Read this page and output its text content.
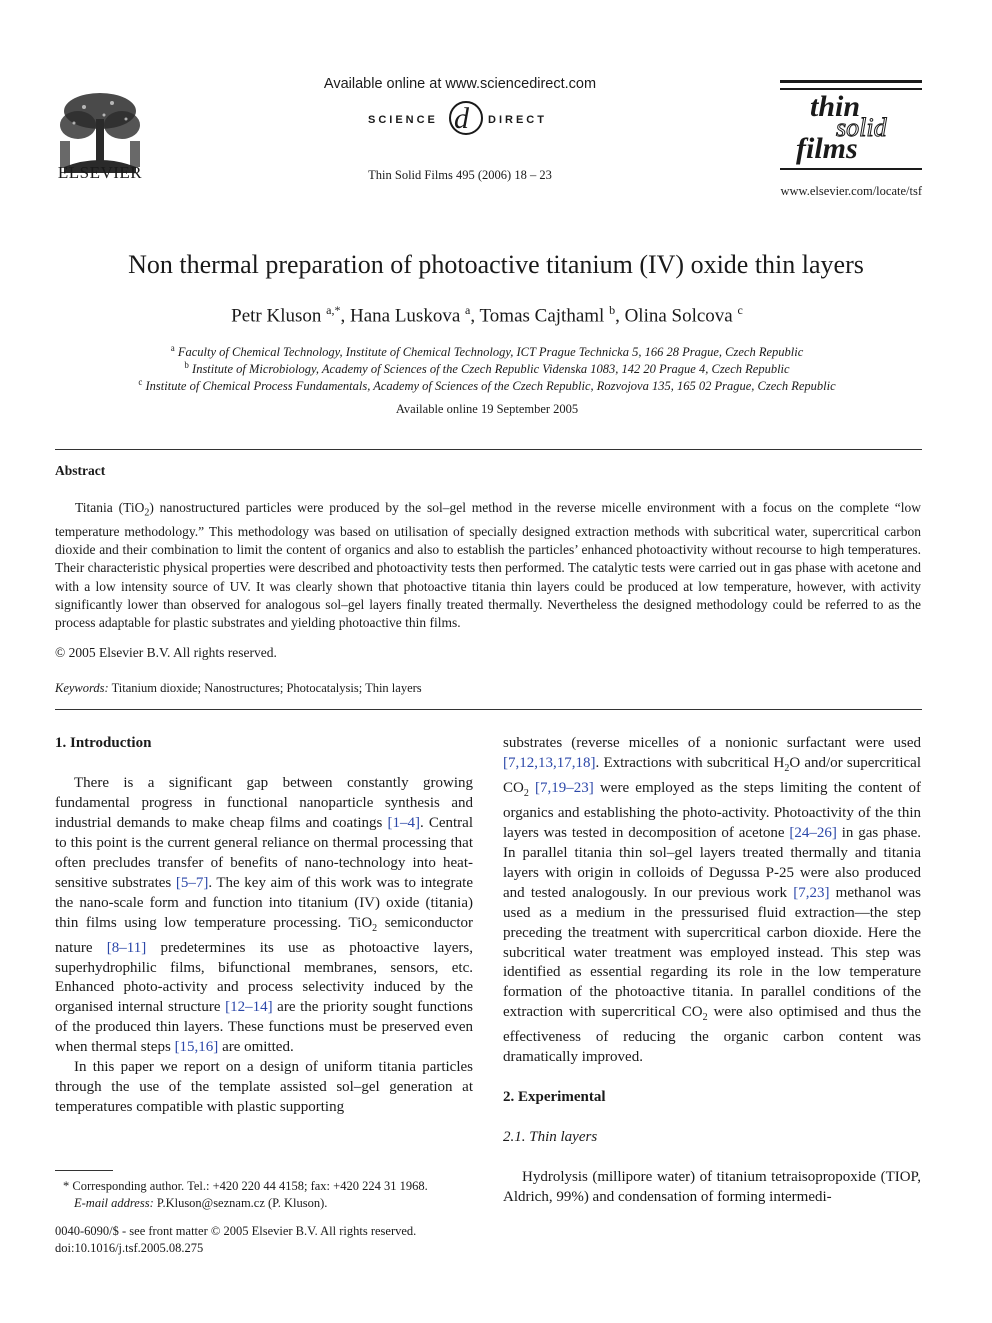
ELSEVIER
Available online at www.sciencedirect.com
SCIENCE d DIRECT
Thin Solid Films 495 (2006) 18 – 23
thin
solid
films
www.elsevier.com/locate/tsf
Non thermal preparation of photoactive titanium (IV) oxide thin layers
Petr Kluson $^{a,*}$, Hana Luskova $^a$, Tomas Cajthaml $^b$, Olina Solcova $^c$
$^a$ Faculty of Chemical Technology, Institute of Chemical Technology, ICT Prague Technicka 5, 166 28 Prague, Czech Republic
$^b$ Institute of Microbiology, Academy of Sciences of the Czech Republic Videnska 1083, 142 20 Prague 4, Czech Republic
$^c$ Institute of Chemical Process Fundamentals, Academy of Sciences of the Czech Republic, Rozvojova 135, 165 02 Prague, Czech Republic
Available online 19 September 2005
Abstract
Titania (TiO$_2$) nanostructured particles were produced by the sol–gel method in the reverse micelle environment with a focus on the complete “low temperature methodology.” This methodology was based on utilisation of specially designed extraction methods with subcritical water, supercritical carbon dioxide and their combination to limit the content of organics and also to establish the particles’ enhanced photoactivity without recourse to high temperatures. Their characteristic physical properties were described and photoactivity tests then performed. The catalytic tests were carried out in gas phase with acetone and with a low intensity source of UV. It was clearly shown that photoactive titania thin layers could be produced at low temperature, however, with activity significantly lower than observed for analogous sol–gel layers finally treated thermally. Nevertheless the designed methodology could be referred to as the process adaptable for plastic substrates and yielding photoactive thin films.
© 2005 Elsevier B.V. All rights reserved.
Keywords: Titanium dioxide; Nanostructures; Photocatalysis; Thin layers

1. Introduction

There is a significant gap between constantly growing fundamental progress in functional nanoparticle synthesis and industrial demands to make cheap films and coatings [1–4]. Central to this point is the current general reliance on thermal processing that often precludes transfer of benefits of nano-technology into heat-sensitive substrates [5–7]. The key aim of this work was to integrate the nano-scale form and function into titanium (IV) oxide (titania) thin films using low temperature processing. TiO$_2$ semiconductor nature [8–11] predetermines its use as photoactive layers, superhydrophilic films, bifunctional membranes, sensors, etc. Enhanced photo-activity and process selectivity induced by the organised internal structure [12–14] are the priority sought functions of the produced thin layers. These functions must be preserved even when thermal steps [15,16] are omitted.

In this paper we report on a design of uniform titania particles through the use of the template assisted sol–gel generation at temperatures compatible with plastic supporting

substrates (reverse micelles of a nonionic surfactant were used [7,12,13,17,18]. Extractions with subcritical $H_2O$ and/or supercritical $CO_2$ [7,19–23] were employed as the steps limiting the content of organics and establishing the photo-activity. Photoactivity of the thin layers was tested in decomposition of acetone [24–26] in gas phase. In parallel titania thin sol–gel layers treated thermally and titania layers with origin in colloids of Degussa P-25 were also produced and tested analogously. In our previous work [7,23] methanol was used as a medium in the pressurised fluid extraction—the step preceding the treatment with supercritical carbon dioxide. Here the subcritical water treatment was employed instead. This step was identified as essential regarding its role in the low temperature formation of the photoactive titania. In parallel conditions of the extraction with supercritical $CO_2$ were also optimised and thus the effectiveness of reducing the organic carbon content was dramatically improved.

2. Experimental

2.1. Thin layers

Hydrolysis (millipore water) of titanium tetraisopropoxide (TIOP, Aldrich, 99%) and condensation of forming intermedi-

* Corresponding author. Tel.: +420 220 44 4158; fax: +420 224 31 1968.
E-mail address: P.Kluson@seznam.cz (P. Kluson).
0040-6090/$ - see front matter © 2005 Elsevier B.V. All rights reserved.
doi:10.1016/j.tsf.2005.08.275
